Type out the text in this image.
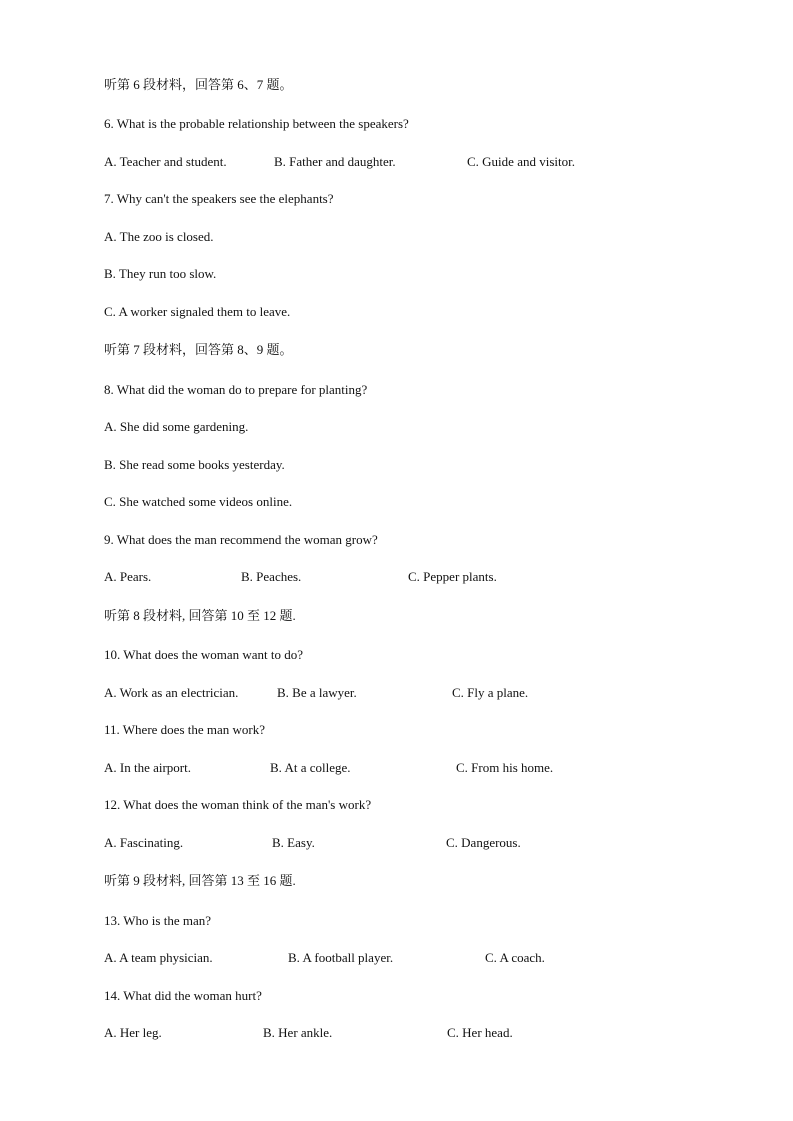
听第 6 段材料，回答第 6、7 题。
6. What is the probable relationship between the speakers?
A. Teacher and student.	B. Father and daughter.	C. Guide and visitor.
7. Why can't the speakers see the elephants?
A. The zoo is closed.
B. They run too slow.
C. A worker signaled them to leave.
听第 7 段材料，回答第 8、9 题。
8. What did the woman do to prepare for planting?
A. She did some gardening.
B. She read some books yesterday.
C. She watched some videos online.
9. What does the man recommend the woman grow?
A. Pears.	B. Peaches.	C. Pepper plants.
听第 8 段材料, 回答第 10 至 12 题.
10. What does the woman want to do?
A. Work as an electrician.	B. Be a lawyer.	C. Fly a plane.
11. Where does the man work?
A. In the airport.	B. At a college.	C. From his home.
12. What does the woman think of the man's work?
A. Fascinating.	B. Easy.	C. Dangerous.
听第 9 段材料, 回答第 13 至 16 题.
13. Who is the man?
A. A team physician.	B. A football player.	C. A coach.
14. What did the woman hurt?
A. Her leg.	B. Her ankle.	C. Her head.
